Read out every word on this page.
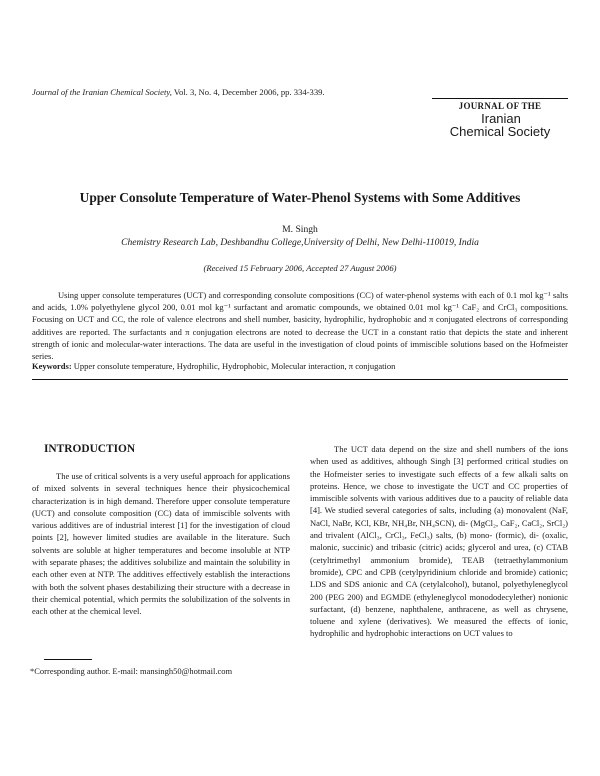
Journal of the Iranian Chemical Society, Vol. 3, No. 4, December 2006, pp. 334-339.
JOURNAL OF THE
Iranian
Chemical Society
Upper Consolute Temperature of Water-Phenol Systems with Some Additives
M. Singh
Chemistry Research Lab, Deshbandhu College,University of Delhi, New Delhi-110019, India
(Received 15 February 2006, Accepted 27 August 2006)

Using upper consolute temperatures (UCT) and corresponding consolute compositions (CC) of water-phenol systems with each of 0.1 mol kg⁻¹ salts and acids, 1.0% polyethylene glycol 200, 0.01 mol kg⁻¹ surfactant and aromatic compounds, we obtained 0.01 mol kg⁻¹ CaF₂ and CrCl₃ compositions. Focusing on UCT and CC, the role of valence electrons and shell number, basicity, hydrophilic, hydrophobic and π conjugated electrons of corresponding additives are reported. The surfactants and π conjugation electrons are noted to decrease the UCT in a constant ratio that depicts the state and inherent strength of ionic and molecular-water interactions. The data are useful in the investigation of cloud points of immiscible solutions based on the Hofmeister series.

Keywords: Upper consolute temperature, Hydrophilic, Hydrophobic, Molecular interaction, π conjugation
INTRODUCTION

The use of critical solvents is a very useful approach for applications of mixed solvents in several techniques hence their physicochemical characterization is in high demand. Therefore upper consolute temperature (UCT) and consolute composition (CC) data of immiscible solvents with various additives are of industrial interest [1] for the investigation of cloud points [2], however limited studies are available in the literature. Such solvents are soluble at higher temperatures and become insoluble at NTP with separate phases; the additives solubilize and maintain the solubility in each other even at NTP. The additives effectively establish the interactions with both the solvent phases destabilizing their structure with a decrease in their chemical potential, which permits the solubilization of the solvents in each other at the chemical level.

The UCT data depend on the size and shell numbers of the ions when used as additives, although Singh [3] performed critical studies on the Hofmeister series to investigate such effects of a few alkali salts on proteins. Hence, we chose to investigate the UCT and CC properties of immiscible solvents with various additives due to a paucity of reliable data [4]. We studied several categories of salts, including (a) monovalent (NaF, NaCl, NaBr, KCl, KBr, NH₄Br, NH₄SCN), di- (MgCl₂, CaF₂, CaCl₂, SrCl₂) and trivalent (AlCl₃, CrCl₃, FeCl₃) salts, (b) mono- (formic), di- (oxalic, malonic, succinic) and tribasic (citric) acids; glycerol and urea, (c) CTAB (cetyltrimethyl ammonium bromide), TEAB (tetraethylammonium bromide), CPC and CPB (cetylpyridinium chloride and bromide) cationic; LDS and SDS anionic and CA (cetylalcohol), butanol, polyethyleneglycol 200 (PEG 200) and EGMDE (ethyleneglycol monododecylether) nonionic surfactant, (d) benzene, naphthalene, anthracene, as well as chrysene, toluene and xylene (derivatives). We measured the effects of ionic, hydrophilic and hydrophobic interactions on UCT values to

*Corresponding author. E-mail: mansingh50@hotmail.com
